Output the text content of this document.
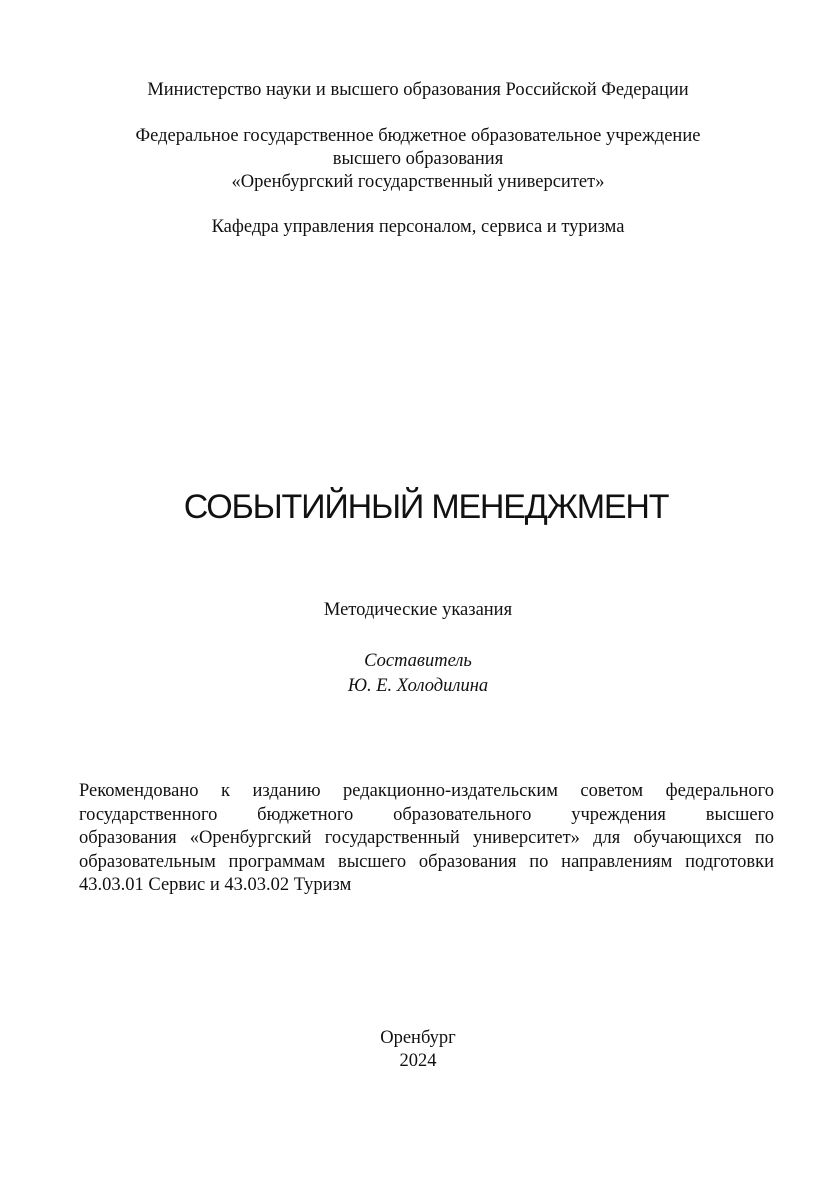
Министерство науки и высшего образования Российской Федерации
Федеральное государственное бюджетное образовательное учреждение
высшего образования
«Оренбургский государственный университет»
Кафедра управления персоналом, сервиса и туризма
СОБЫТИЙНЫЙ МЕНЕДЖМЕНТ
Методические указания
Составитель
Ю. Е. Холодилина
Рекомендовано к изданию редакционно-издательским советом федерального
государственного бюджетного образовательного учреждения высшего
образования «Оренбургский государственный университет» для обучающихся по
образовательным программам высшего образования по направлениям подготовки
43.03.01 Сервис и 43.03.02 Туризм
Оренбург
2024
